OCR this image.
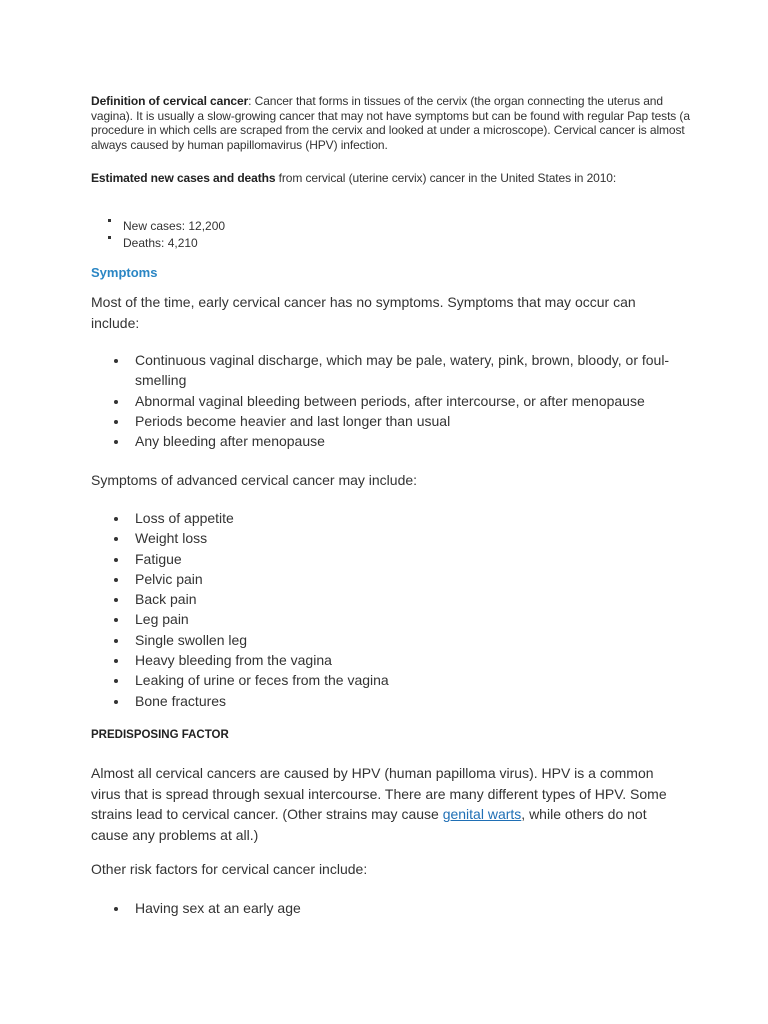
Definition of cervical cancer: Cancer that forms in tissues of the cervix (the organ connecting the uterus and vagina). It is usually a slow-growing cancer that may not have symptoms but can be found with regular Pap tests (a procedure in which cells are scraped from the cervix and looked at under a microscope). Cervical cancer is almost always caused by human papillomavirus (HPV) infection.

Estimated new cases and deaths from cervical (uterine cervix) cancer in the United States in 2010:

New cases: 12,200
Deaths: 4,210
Symptoms

Most of the time, early cervical cancer has no symptoms. Symptoms that may occur can include:

Continuous vaginal discharge, which may be pale, watery, pink, brown, bloody, or foul-smelling
Abnormal vaginal bleeding between periods, after intercourse, or after menopause
Periods become heavier and last longer than usual
Any bleeding after menopause

Symptoms of advanced cervical cancer may include:

Loss of appetite
Weight loss
Fatigue
Pelvic pain
Back pain
Leg pain
Single swollen leg
Heavy bleeding from the vagina
Leaking of urine or feces from the vagina
Bone fractures
PREDISPOSING FACTOR

Almost all cervical cancers are caused by HPV (human papilloma virus). HPV is a common virus that is spread through sexual intercourse. There are many different types of HPV. Some strains lead to cervical cancer. (Other strains may cause genital warts, while others do not cause any problems at all.)

Other risk factors for cervical cancer include:

Having sex at an early age
